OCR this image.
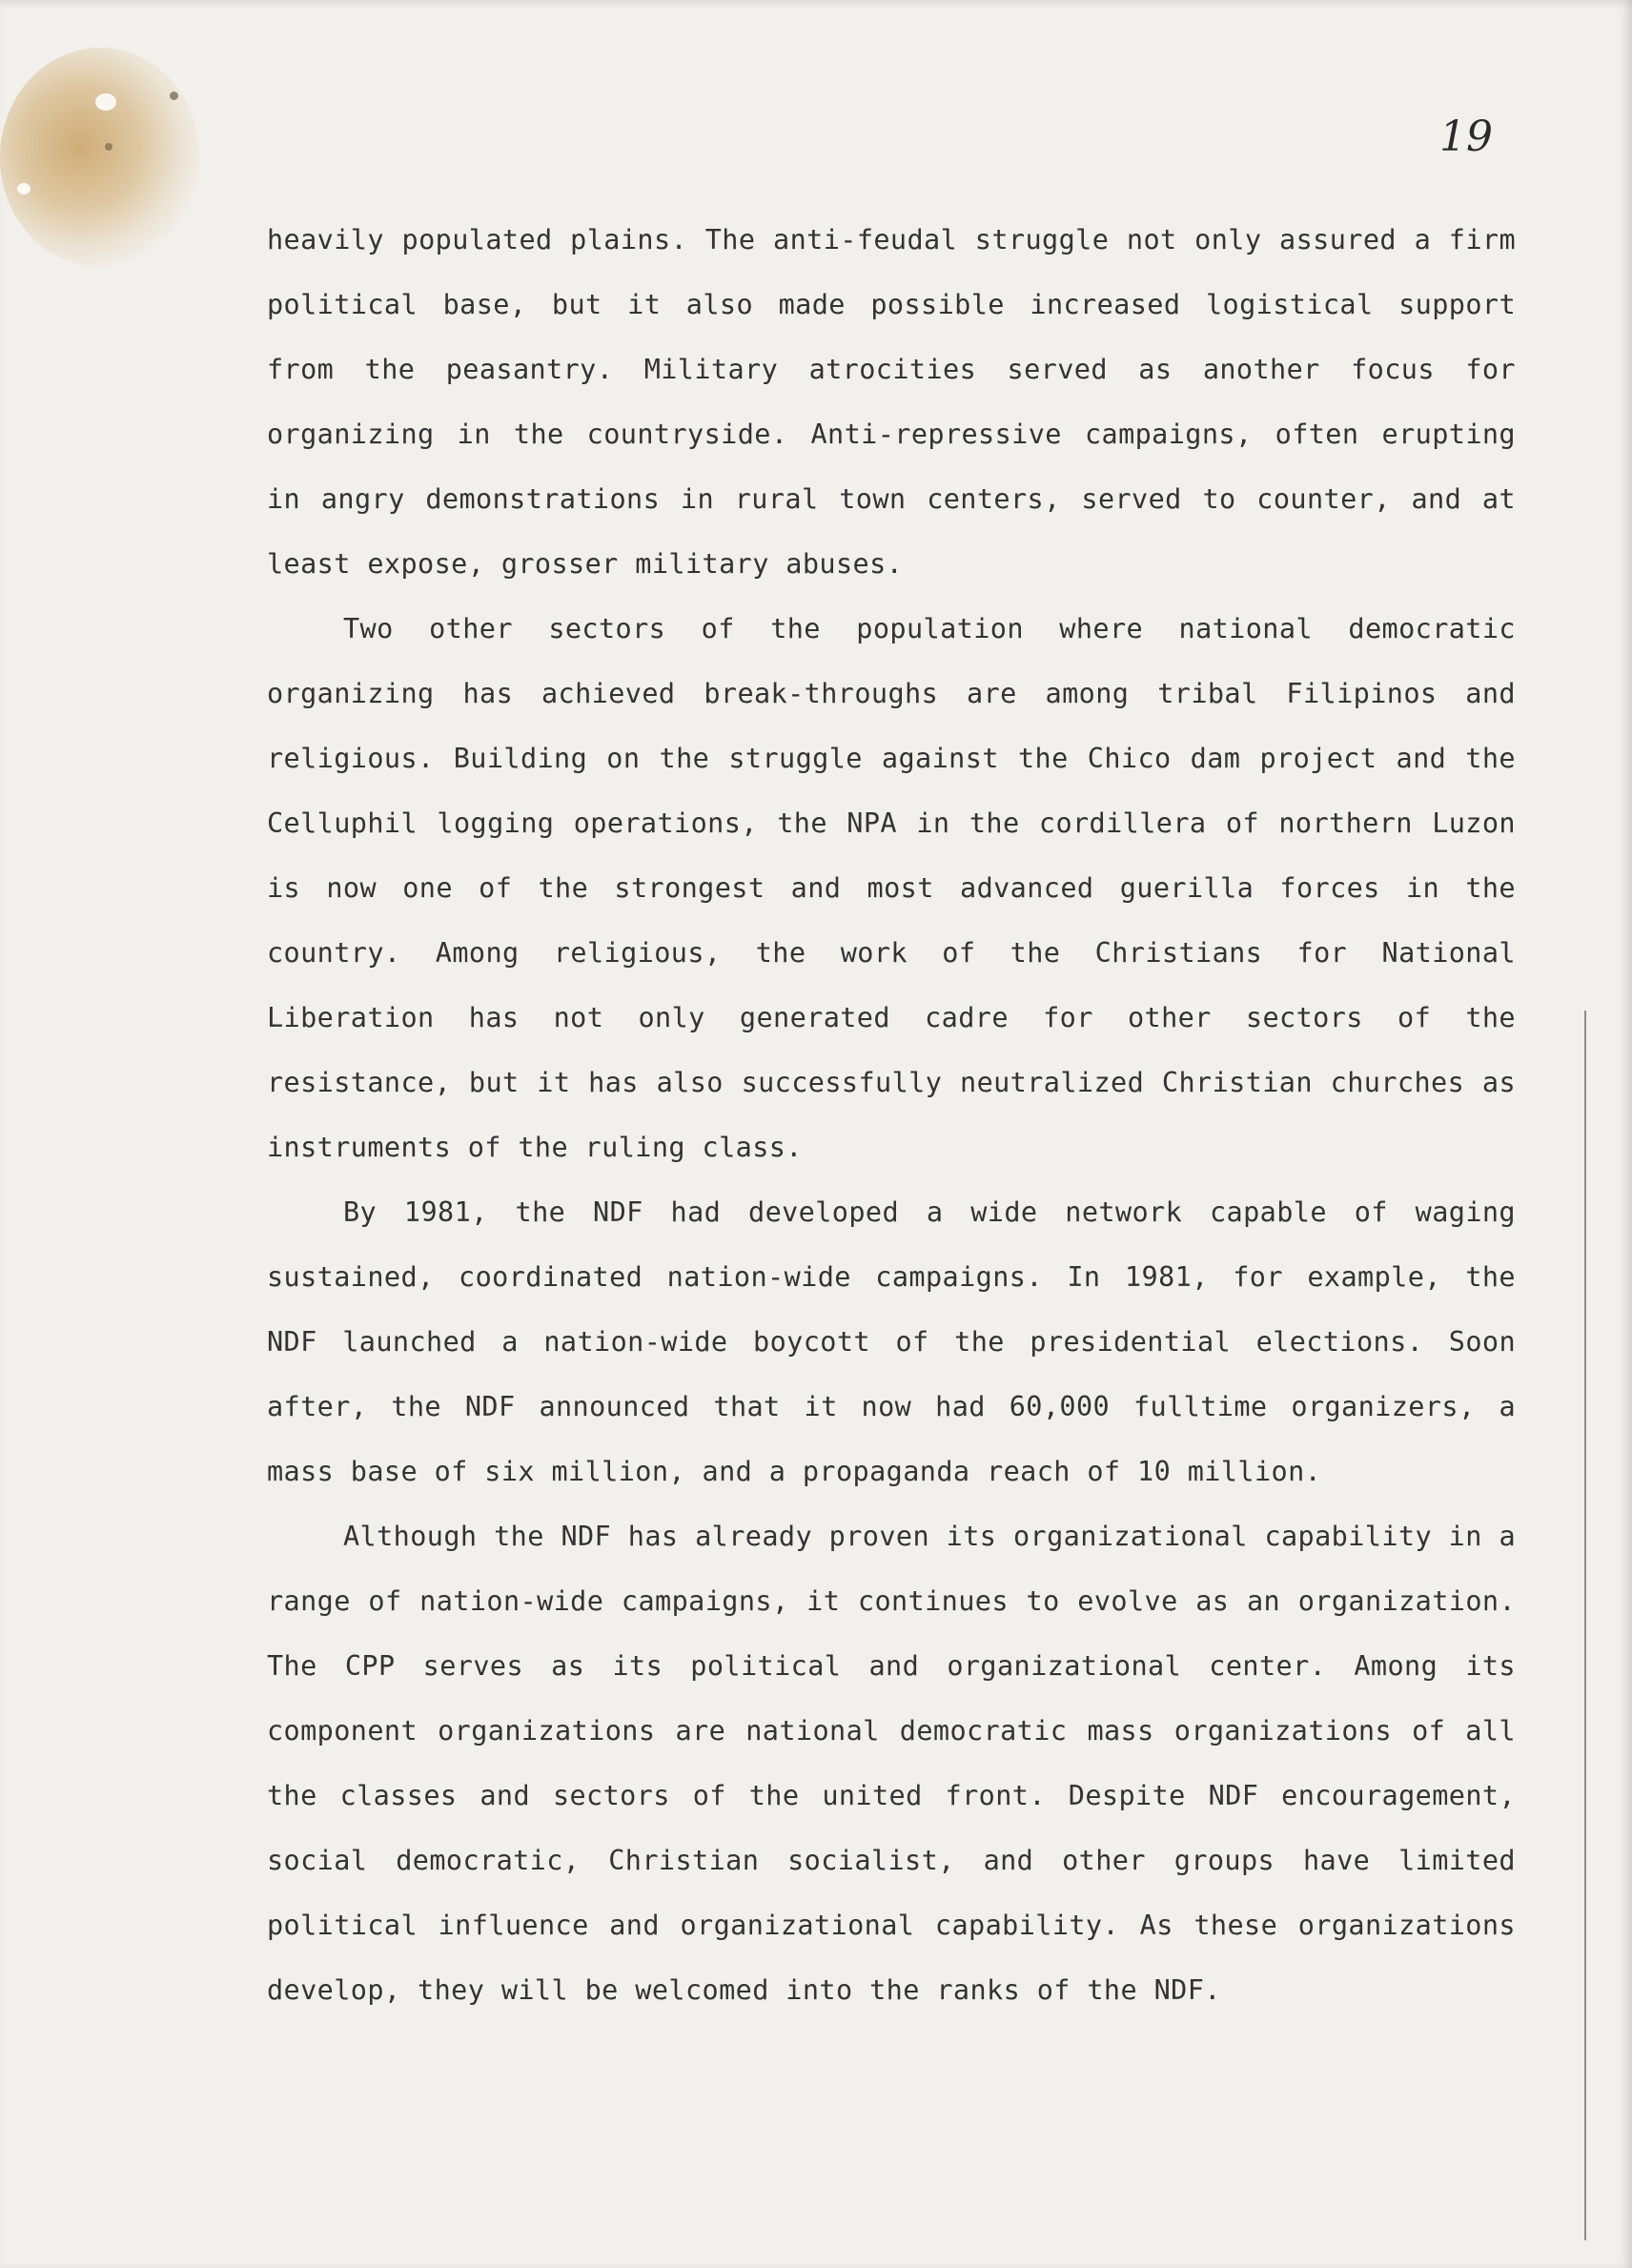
19

heavily populated plains. The anti-feudal struggle not only assured a firm political base, but it also made possible increased logistical support from the peasantry. Military atrocities served as another focus for organizing in the countryside. Anti-repressive campaigns, often erupting in angry demonstrations in rural town centers, served to counter, and at least expose, grosser military abuses.

Two other sectors of the population where national democratic organizing has achieved break-throughs are among tribal Filipinos and religious. Building on the struggle against the Chico dam project and the Celluphil logging operations, the NPA in the cordillera of northern Luzon is now one of the strongest and most advanced guerilla forces in the country. Among religious, the work of the Christians for National Liberation has not only generated cadre for other sectors of the resistance, but it has also successfully neutralized Christian churches as instruments of the ruling class.

By 1981, the NDF had developed a wide network capable of waging sustained, coordinated nation-wide campaigns. In 1981, for example, the NDF launched a nation-wide boycott of the presidential elections. Soon after, the NDF announced that it now had 60,000 fulltime organizers, a mass base of six million, and a propaganda reach of 10 million.

Although the NDF has already proven its organizational capability in a range of nation-wide campaigns, it continues to evolve as an organization. The CPP serves as its political and organizational center. Among its component organizations are national democratic mass organizations of all the classes and sectors of the united front. Despite NDF encouragement, social democratic, Christian socialist, and other groups have limited political influence and organizational capability. As these organizations develop, they will be welcomed into the ranks of the NDF.
